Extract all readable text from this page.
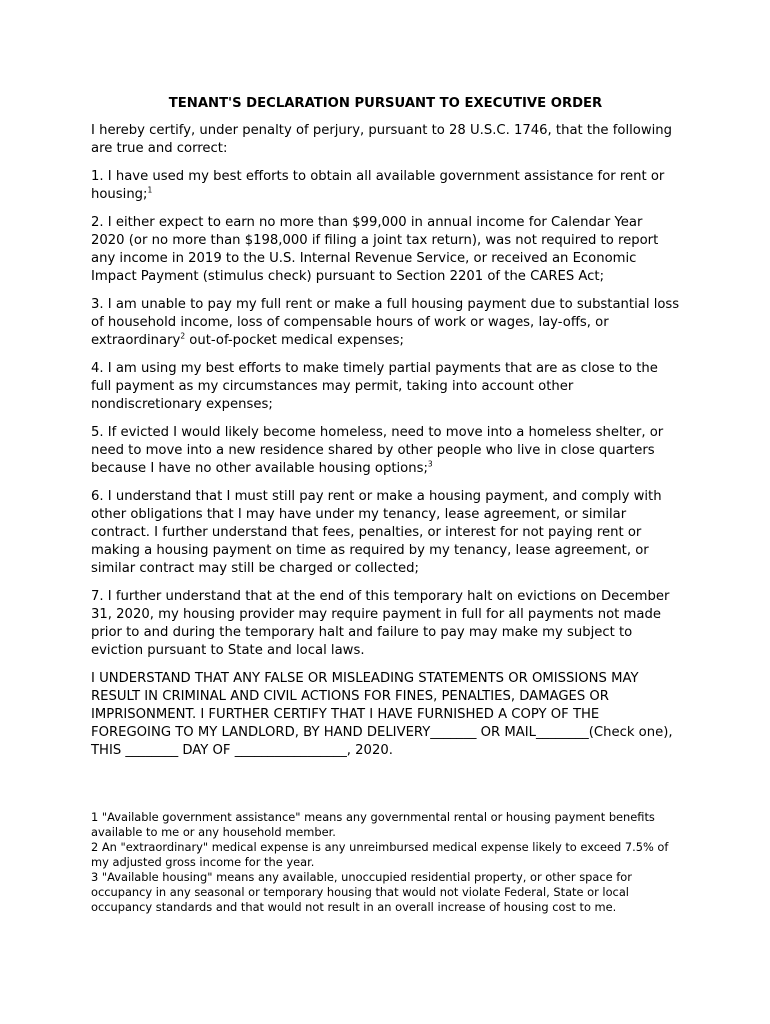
TENANT'S DECLARATION PURSUANT TO EXECUTIVE ORDER
I hereby certify, under penalty of perjury, pursuant to 28 U.S.C. 1746, that the following are true and correct:
1. I have used my best efforts to obtain all available government assistance for rent or housing;$^1$
2. I either expect to earn no more than $99,000 in annual income for Calendar Year 2020 (or no more than $198,000 if filing a joint tax return), was not required to report any income in 2019 to the U.S. Internal Revenue Service, or received an Economic Impact Payment (stimulus check) pursuant to Section 2201 of the CARES Act;
3. I am unable to pay my full rent or make a full housing payment due to substantial loss of household income, loss of compensable hours of work or wages, lay-offs, or extraordinary$^2$ out-of-pocket medical expenses;
4. I am using my best efforts to make timely partial payments that are as close to the full payment as my circumstances may permit, taking into account other nondiscretionary expenses;
5. If evicted I would likely become homeless, need to move into a homeless shelter, or need to move into a new residence shared by other people who live in close quarters because I have no other available housing options;$^3$
6. I understand that I must still pay rent or make a housing payment, and comply with other obligations that I may have under my tenancy, lease agreement, or similar contract. I further understand that fees, penalties, or interest for not paying rent or making a housing payment on time as required by my tenancy, lease agreement, or similar contract may still be charged or collected;
7. I further understand that at the end of this temporary halt on evictions on December 31, 2020, my housing provider may require payment in full for all payments not made prior to and during the temporary halt and failure to pay may make my subject to eviction pursuant to State and local laws.
I UNDERSTAND THAT ANY FALSE OR MISLEADING STATEMENTS OR OMISSIONS MAY RESULT IN CRIMINAL AND CIVIL ACTIONS FOR FINES, PENALTIES, DAMAGES OR IMPRISONMENT. I FURTHER CERTIFY THAT I HAVE FURNISHED A COPY OF THE FOREGOING TO MY LANDLORD, BY HAND DELIVERY_______ OR MAIL________(Check one), THIS ________ DAY OF _________________, 2020.

1 "Available government assistance" means any governmental rental or housing payment benefits available to me or any household member.

2 An "extraordinary" medical expense is any unreimbursed medical expense likely to exceed 7.5% of my adjusted gross income for the year.

3 "Available housing" means any available, unoccupied residential property, or other space for occupancy in any seasonal or temporary housing that would not violate Federal, State or local occupancy standards and that would not result in an overall increase of housing cost to me.
